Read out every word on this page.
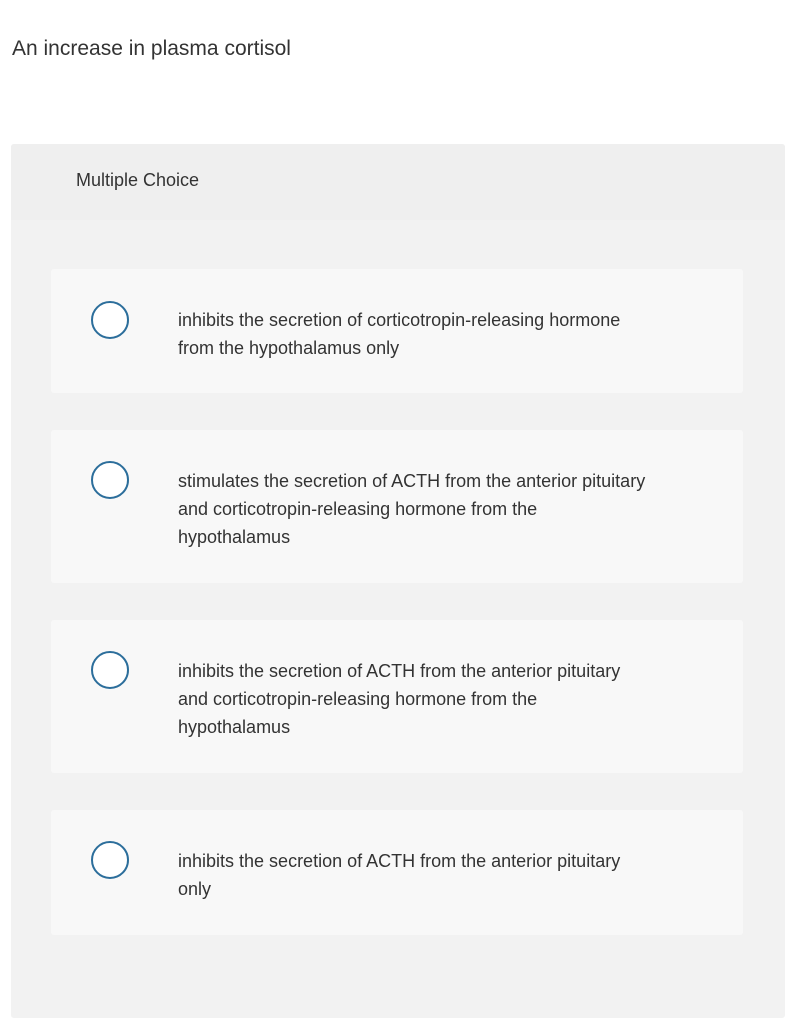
An increase in plasma cortisol
Multiple Choice
inhibits the secretion of corticotropin-releasing hormone from the hypothalamus only
stimulates the secretion of ACTH from the anterior pituitary and corticotropin-releasing hormone from the hypothalamus
inhibits the secretion of ACTH from the anterior pituitary and corticotropin-releasing hormone from the hypothalamus
inhibits the secretion of ACTH from the anterior pituitary only
